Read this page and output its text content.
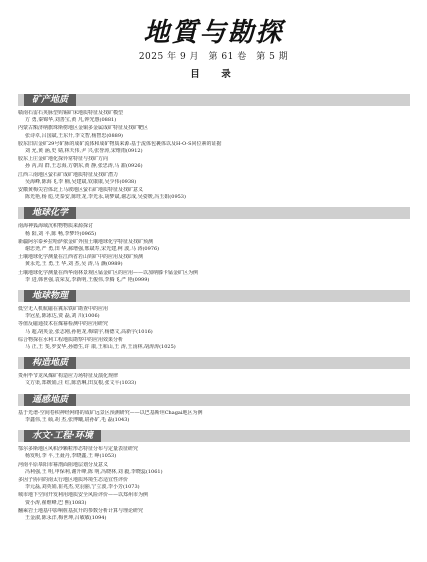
地質与勘探
2025 年 9 月　第 61 卷　第 5 期
目　录
矿产地质
赣南石雷石英脉型钨锡矿床地质特征及找矿模型
方 勇,秦锦华,刘善宝,黄 凡,钟光惠(0881)
内蒙古額济纳旗珠斯楞地区金铜多金属成矿特征及找矿靶区
张诗卓,吕国斌,王东升,李文智,杨智忠(0889)
胶东旧店金矿29号矿脉的成矿流体和成矿物质来源:基于流体包裹体以及H-O-S同位素的证据
刘 允,黄 涵,史 婧,林天伟,尹 兴,张誉涛,宋维雨(0912)
胶东上庄金矿地化探异常特征与找矿方向
孙 芮,周 群,王志海,方朝东,黄 静,张忠涛,马 甜(0926)
江西三南地区萤石矿成矿地质特征及找矿潜力
吴海峰,陈海飞,李 楠,吴建斌,钦康康,吴少伟(0938)
安徽黄梅尖岩体北上马坡地区萤石矿地质特征及找矿意义
陈光艳,杨 彪,史泰安,陈旺龙,李光永,胡梦斌,谢志成,吴姿媛,冯玉娟(0953)
地球化学
南海神狐海域沉积物物质来源探讨
杨 阳,刘 平,陈 畅,李梦玲(0965)
新疆阿尔泰乡拉哈萨依金矿外围土壤地球化学特征及找矿预测
谢忠尧,严 勇,田 华,郝增强,邢斌寿,宋光建,柯 波,马 涛(0976)
土壤地球化学测量在江西省若山钨矿中的应用及找矿预测
黄永光,王 勇,王 华,刘 杰,吴 涛,马 灏(0989)
土壤地球化学测量在西华南林景观区锰金矿区的应用——以加纳滕卡锰金矿区为例
李 进,韩世强,袁荣友,李新明,王俊伟,李腾飞,严 艳(0999)
地球物理
低空无人机航磁在冀东铁矿勘查中的应用
李冠星,陈冰达,贾 磊,刘 川(1006)
等值反磁通技术在煤幂检测中的应用研究
马 超,胡英金,张志刚,孙艳龙,梅瑞宇,杨德文,高新宇(1016)
综合物探在水利工程地质勘察中的应用效果分析
马 正,王 斐,罗安华,孙德生,许 康,王和山,王 涛,王汤林,胡涛涛(1025)
构造地质
贵州毕节龙凤煤矿构造应力场特征及演化规律
文方渠,郑媛娟,汪 红,陈浩琳,田友根,张文平(1033)
遥感地质
基于光谱-空间卷积神经网络的成矿远景区预测研究——以巴基斯坦Chagai地区为例
李鑫伟,王 硕,胡 杰,张博曦,尉孙矿,毛 磊(1043)
水文·工程·环境
鄂尔多斯地区风积沙颗粒形态特征分布与定量表征研究
杨发明,李 平,王聂丹,李晓鑫,王 峥(1053)
河南平原皋阳市幂剖面阻地层划分及意义
冯利强,王 明,申保利,谢升峰,陈 明,冯晓林,刘 毅,李晓蕊(1061)
多因子协同的南太行地区地质环境生态适宜性评价
李元磊,刘英娟,崔兆杰,党羽丽,宁立波,李小芳(1073)
城市地下空间开发利用地质安全风险评价——以郑州市为例
贾小涛,翟维峰,巴 熙(1083)
翻乘岩土地基中影响桩基抗升的参数分析计算与理论研究
王金淑,陈永洋,梅世坤,吕敏敏(1094)
